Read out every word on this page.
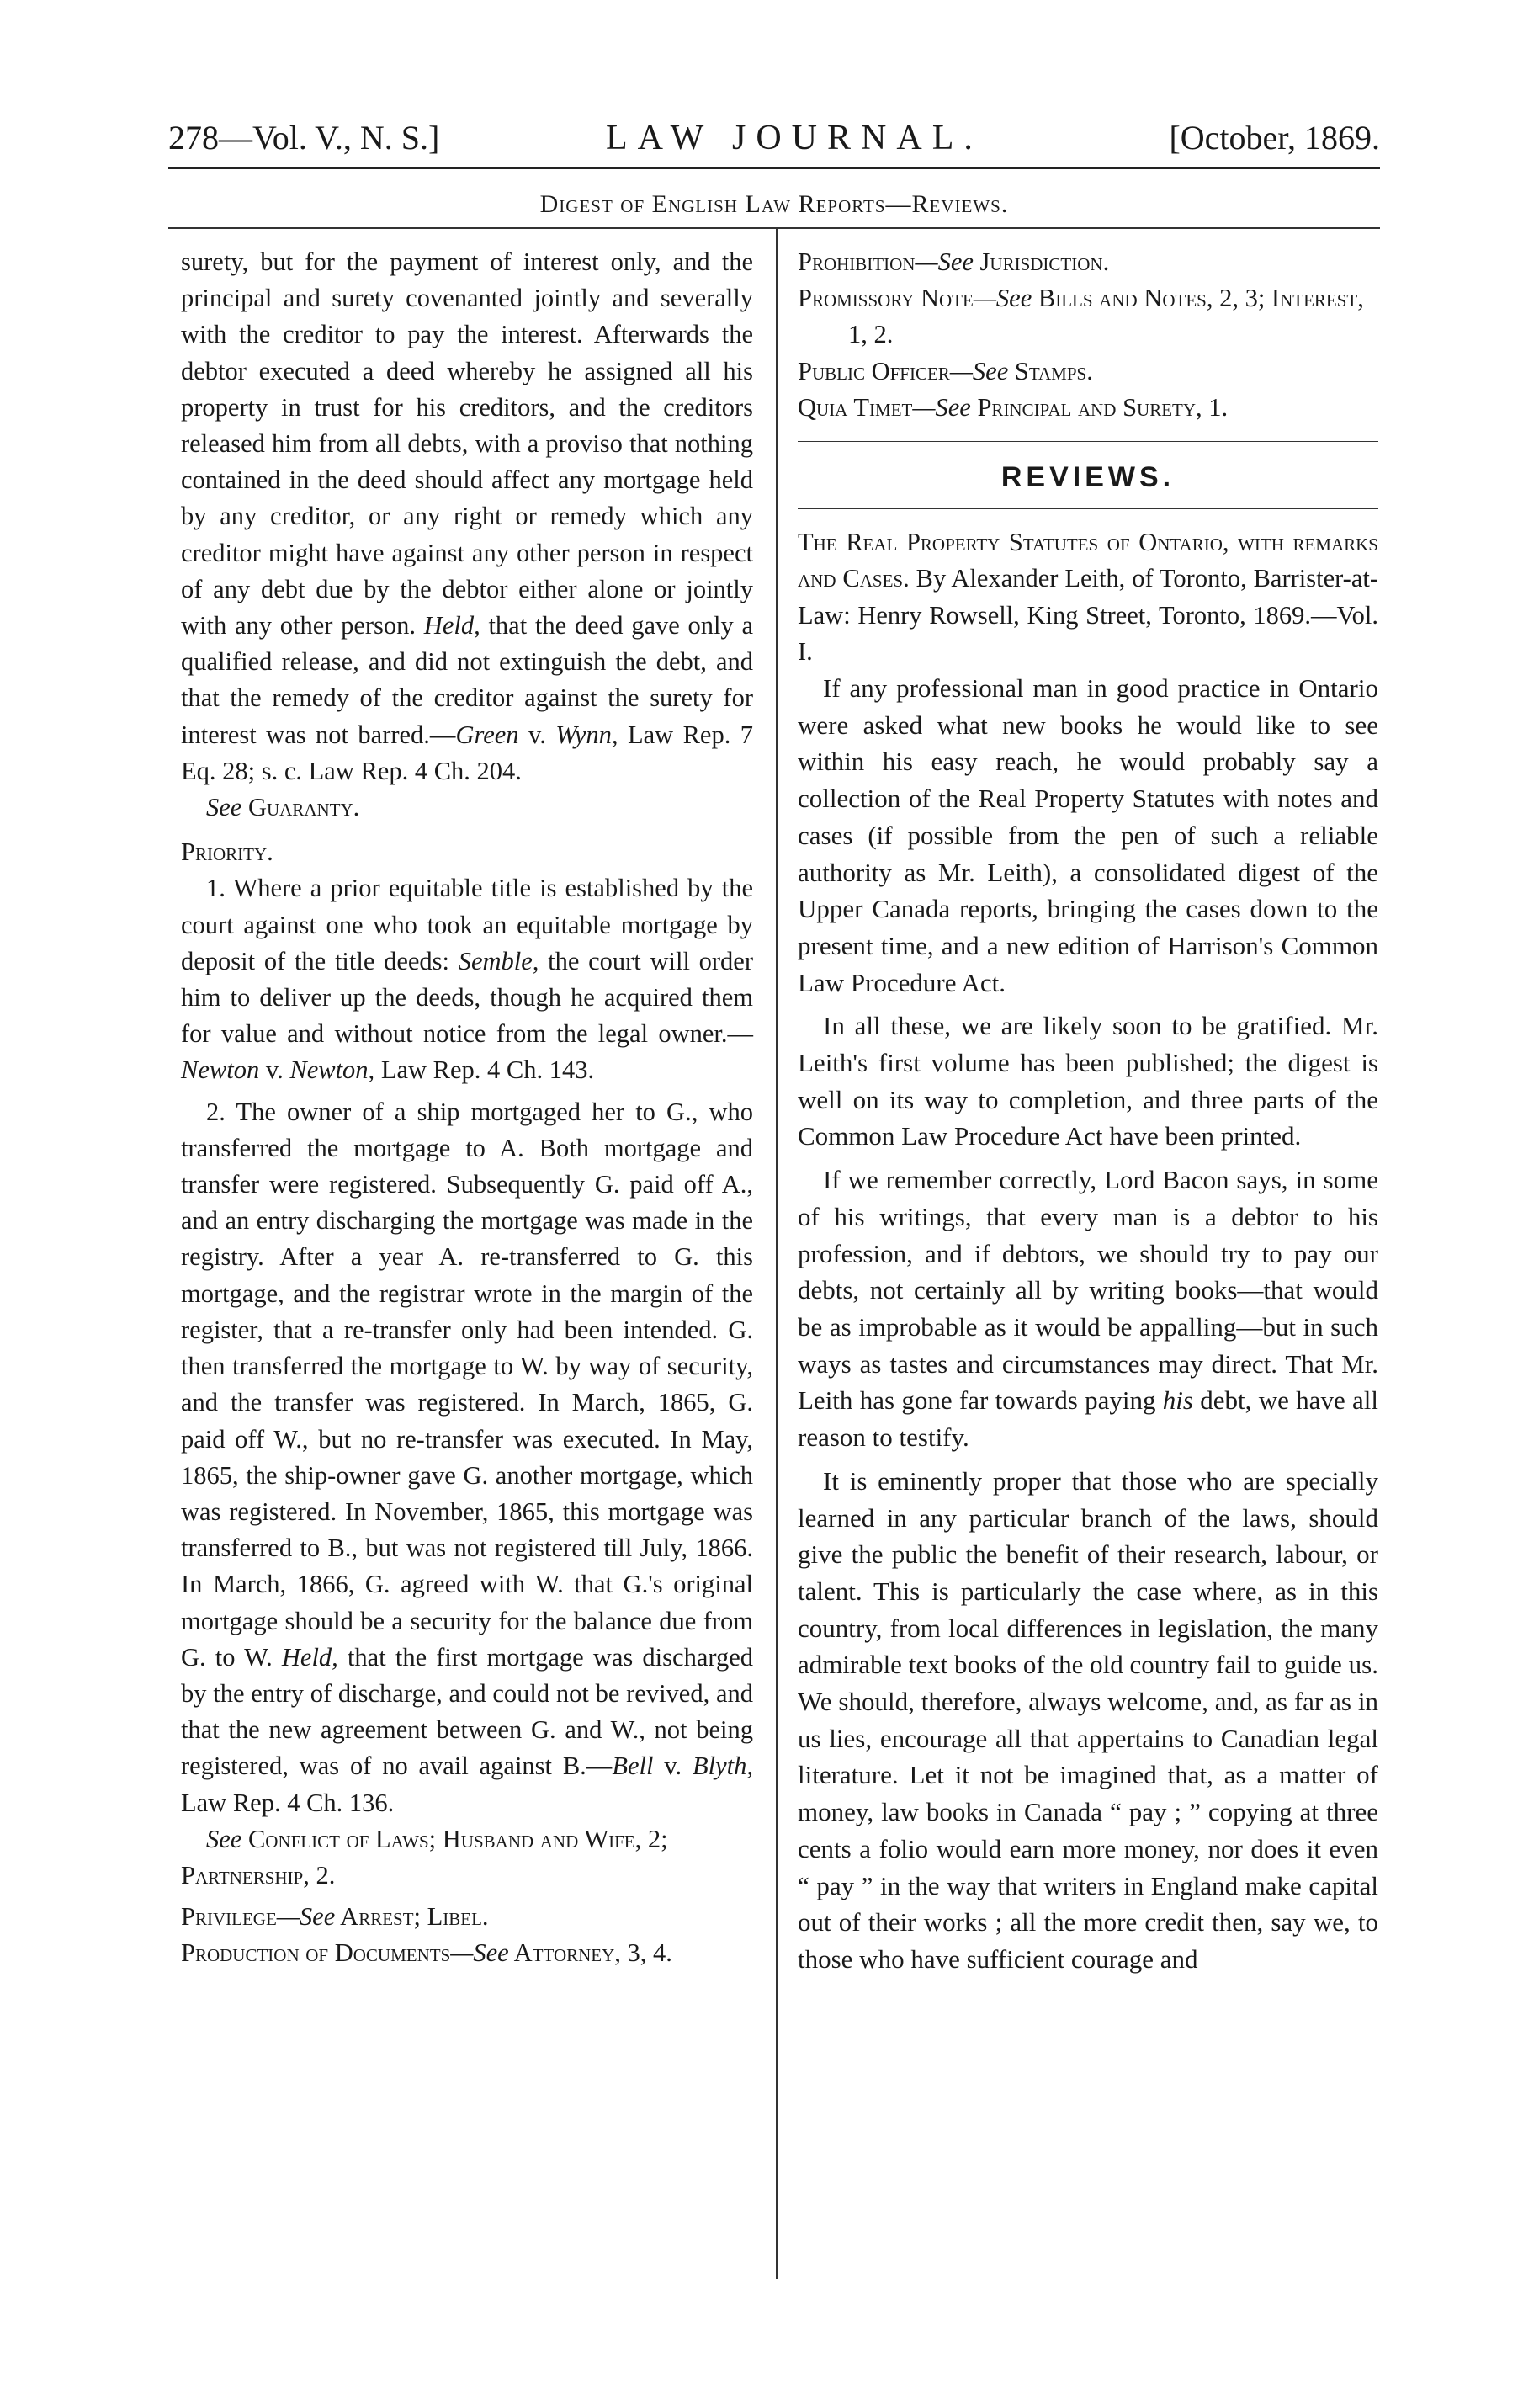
278—Vol. V., N. S.]	LAW JOURNAL.	[October, 1869.
Digest of English Law Reports—Reviews.

surety, but for the payment of interest only, and the principal and surety covenanted jointly and severally with the creditor to pay the interest. Afterwards the debtor executed a deed whereby he assigned all his property in trust for his creditors, and the creditors released him from all debts, with a proviso that nothing contained in the deed should affect any mortgage held by any creditor, or any right or remedy which any creditor might have against any other person in respect of any debt due by the debtor either alone or jointly with any other person. Held, that the deed gave only a qualified release, and did not extinguish the debt, and that the remedy of the creditor against the surety for interest was not barred.—Green v. Wynn, Law Rep. 7 Eq. 28; s. c. Law Rep. 4 Ch. 204.

See Guaranty.

Priority.

1. Where a prior equitable title is established by the court against one who took an equitable mortgage by deposit of the title deeds: Semble, the court will order him to deliver up the deeds, though he acquired them for value and without notice from the legal owner.—Newton v. Newton, Law Rep. 4 Ch. 143.

2. The owner of a ship mortgaged her to G., who transferred the mortgage to A. Both mortgage and transfer were registered. Subsequently G. paid off A., and an entry discharging the mortgage was made in the registry. After a year A. re-transferred to G. this mortgage, and the registrar wrote in the margin of the register, that a re-transfer only had been intended. G. then transferred the mortgage to W. by way of security, and the transfer was registered. In March, 1865, G. paid off W., but no re-transfer was executed. In May, 1865, the ship-owner gave G. another mortgage, which was registered. In November, 1865, this mortgage was transferred to B., but was not registered till July, 1866. In March, 1866, G. agreed with W. that G.'s original mortgage should be a security for the balance due from G. to W. Held, that the first mortgage was discharged by the entry of discharge, and could not be revived, and that the new agreement between G. and W., not being registered, was of no avail against B.—Bell v. Blyth, Law Rep. 4 Ch. 136.

See Conflict of Laws; Husband and Wife, 2; Partnership, 2.

Privilege—See Arrest; Libel.

Production of Documents—See Attorney, 3, 4.

Prohibition—See Jurisdiction.

Promissory Note—See Bills and Notes, 2, 3; Interest, 1, 2.

Public Officer—See Stamps.

Quia Timet—See Principal and Surety, 1.

REVIEWS.

The Real Property Statutes of Ontario, with remarks and Cases. By Alexander Leith, of Toronto, Barrister-at-Law: Henry Rowsell, King Street, Toronto, 1869.—Vol. I.

If any professional man in good practice in Ontario were asked what new books he would like to see within his easy reach, he would probably say a collection of the Real Property Statutes with notes and cases (if possible from the pen of such a reliable authority as Mr. Leith), a consolidated digest of the Upper Canada reports, bringing the cases down to the present time, and a new edition of Harrison's Common Law Procedure Act.

In all these, we are likely soon to be gratified. Mr. Leith's first volume has been published; the digest is well on its way to completion, and three parts of the Common Law Procedure Act have been printed.

If we remember correctly, Lord Bacon says, in some of his writings, that every man is a debtor to his profession, and if debtors, we should try to pay our debts, not certainly all by writing books—that would be as improbable as it would be appalling—but in such ways as tastes and circumstances may direct. That Mr. Leith has gone far towards paying his debt, we have all reason to testify.

It is eminently proper that those who are specially learned in any particular branch of the laws, should give the public the benefit of their research, labour, or talent. This is particularly the case where, as in this country, from local differences in legislation, the many admirable text books of the old country fail to guide us. We should, therefore, always welcome, and, as far as in us lies, encourage all that appertains to Canadian legal literature. Let it not be imagined that, as a matter of money, law books in Canada “ pay ; ” copying at three cents a folio would earn more money, nor does it even “ pay ” in the way that writers in England make capital out of their works ; all the more credit then, say we, to those who have sufficient courage and
